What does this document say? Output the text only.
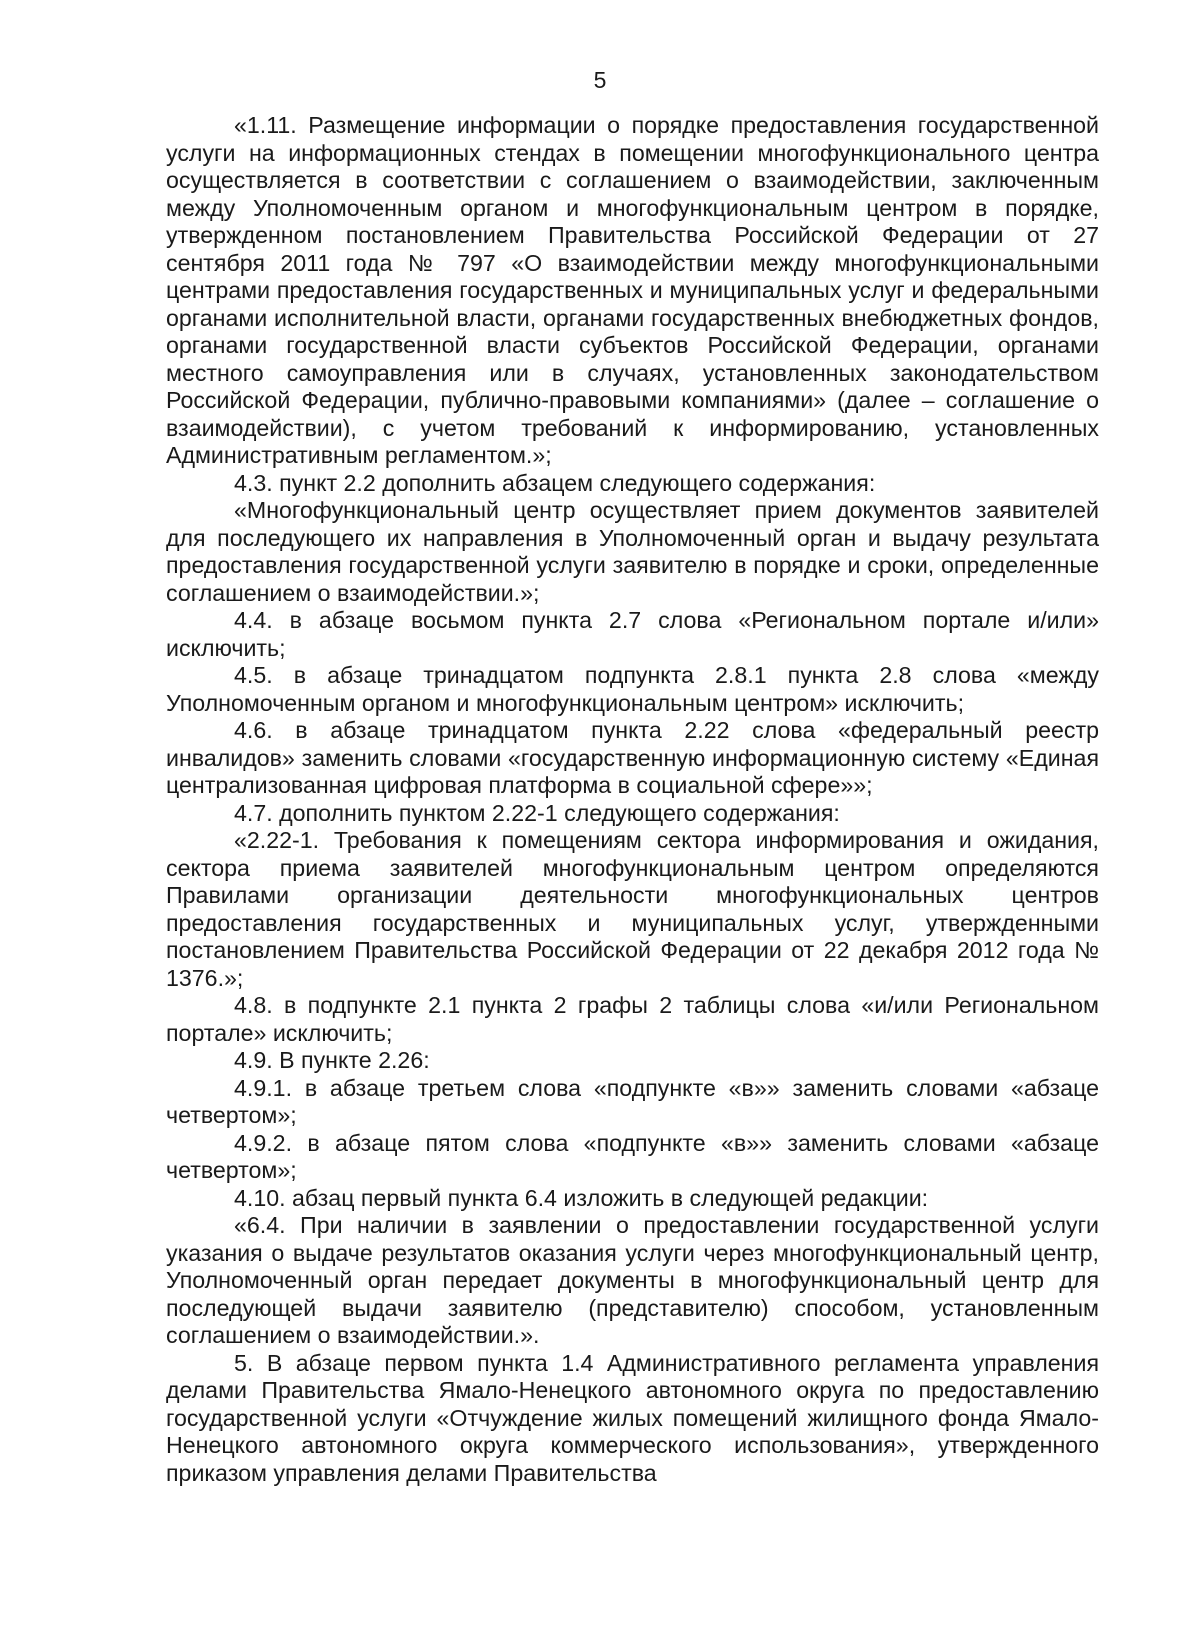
5

«1.11. Размещение информации о порядке предоставления государственной услуги на информационных стендах в помещении многофункционального центра осуществляется в соответствии с соглашением о взаимодействии, заключенным между Уполномоченным органом и многофункциональным центром в порядке, утвержденном постановлением Правительства Российской Федерации от 27 сентября 2011 года № 797 «О взаимодействии между многофункциональными центрами предоставления государственных и муниципальных услуг и федеральными органами исполнительной власти, органами государственных внебюджетных фондов, органами государственной власти субъектов Российской Федерации, органами местного самоуправления или в случаях, установленных законодательством Российской Федерации, публично-правовыми компаниями» (далее – соглашение о взаимодействии), с учетом требований к информированию, установленных Административным регламентом.»;

4.3. пункт 2.2 дополнить абзацем следующего содержания:

«Многофункциональный центр осуществляет прием документов заявителей для последующего их направления в Уполномоченный орган и выдачу результата предоставления государственной услуги заявителю в порядке и сроки, определенные соглашением о взаимодействии.»;

4.4. в абзаце восьмом пункта 2.7 слова «Региональном портале и/или» исключить;

4.5. в абзаце тринадцатом подпункта 2.8.1 пункта 2.8 слова «между Уполномоченным органом и многофункциональным центром» исключить;

4.6. в абзаце тринадцатом пункта 2.22 слова «федеральный реестр инвалидов» заменить словами «государственную информационную систему «Единая централизованная цифровая платформа в социальной сфере»»;

4.7. дополнить пунктом 2.22-1 следующего содержания:

«2.22-1. Требования к помещениям сектора информирования и ожидания, сектора приема заявителей многофункциональным центром определяются Правилами организации деятельности многофункциональных центров предоставления государственных и муниципальных услуг, утвержденными постановлением Правительства Российской Федерации от 22 декабря 2012 года № 1376.»;

4.8. в подпункте 2.1 пункта 2 графы 2 таблицы слова «и/или Региональном портале» исключить;

4.9. В пункте 2.26:

4.9.1. в абзаце третьем слова «подпункте «в»» заменить словами «абзаце четвертом»;

4.9.2. в абзаце пятом слова «подпункте «в»» заменить словами «абзаце четвертом»;

4.10. абзац первый пункта 6.4 изложить в следующей редакции:

«6.4. При наличии в заявлении о предоставлении государственной услуги указания о выдаче результатов оказания услуги через многофункциональный центр, Уполномоченный орган передает документы в многофункциональный центр для последующей выдачи заявителю (представителю) способом, установленным соглашением о взаимодействии.».

5. В абзаце первом пункта 1.4 Административного регламента управления делами Правительства Ямало-Ненецкого автономного округа по предоставлению государственной услуги «Отчуждение жилых помещений жилищного фонда Ямало-Ненецкого автономного округа коммерческого использования», утвержденного приказом управления делами Правительства
